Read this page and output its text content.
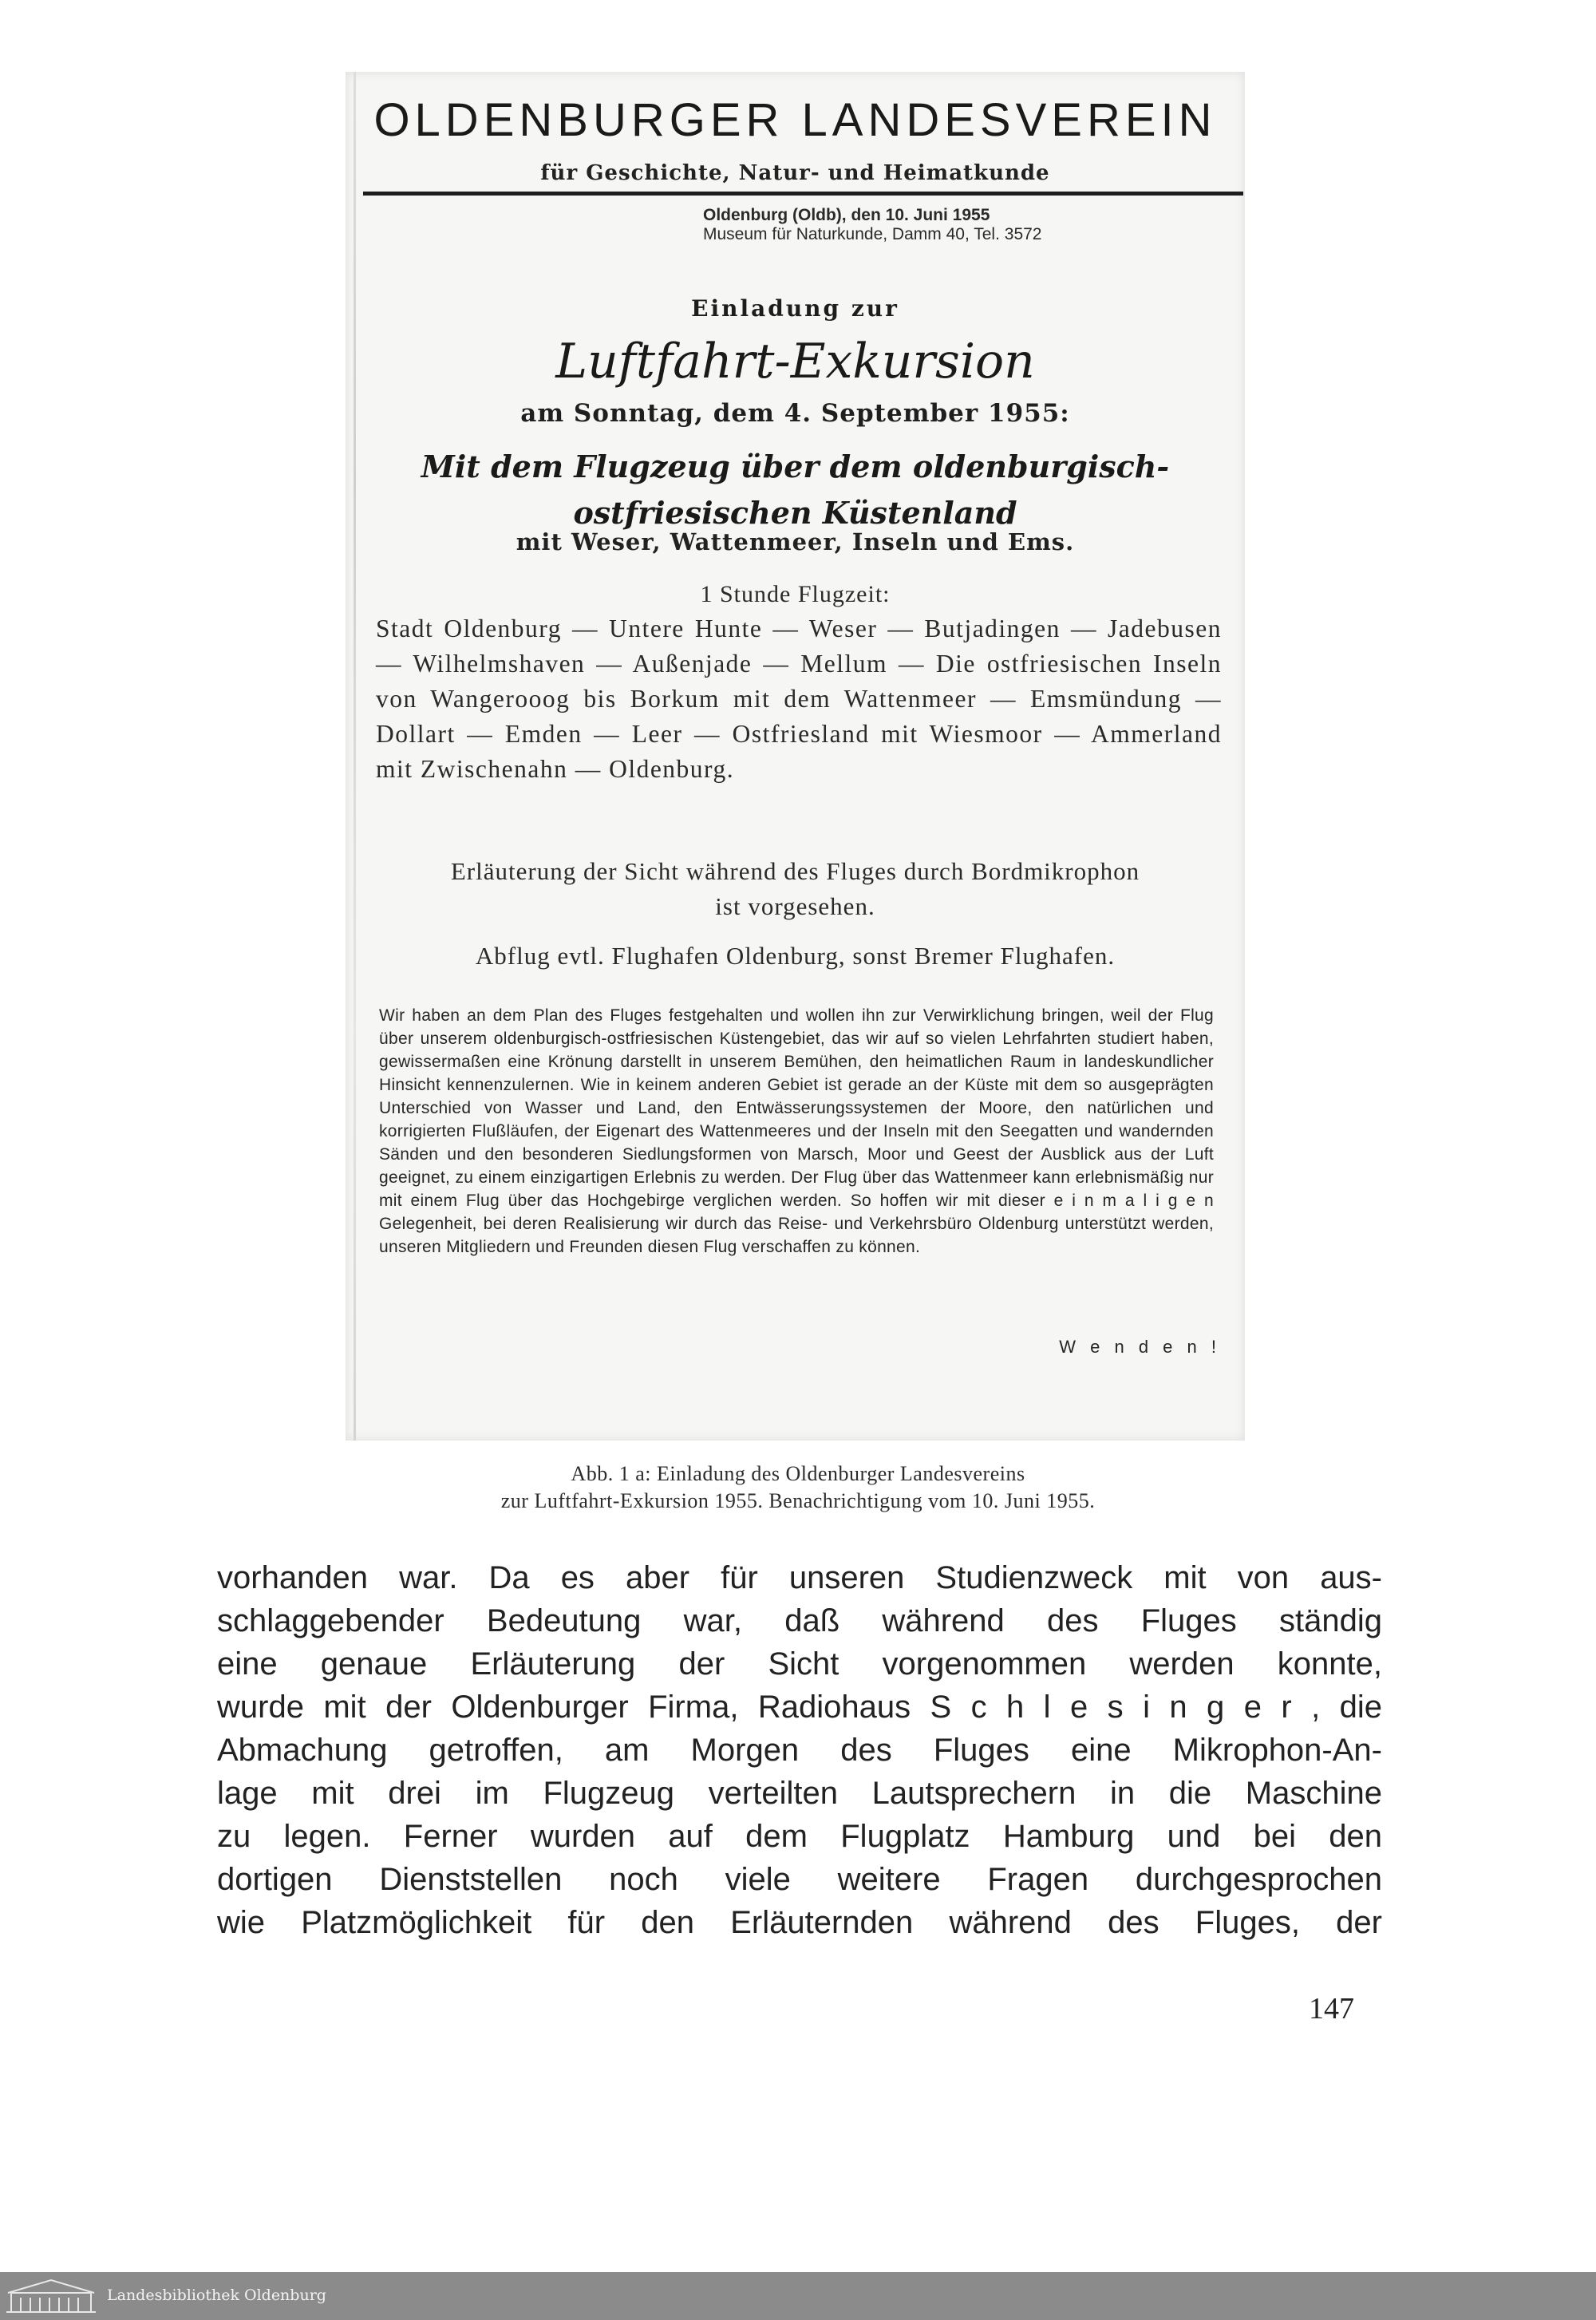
OLDENBURGER LANDESVEREIN
für Geschichte, Natur- und Heimatkunde
Oldenburg (Oldb), den 10. Juni 1955
Museum für Naturkunde, Damm 40, Tel. 3572
Einladung zur
Luftfahrt-Exkursion
am Sonntag, dem 4. September 1955:
Mit dem Flugzeug über dem oldenburgisch-
ostfriesischen Küstenland
mit Weser, Wattenmeer, Inseln und Ems.
1 Stunde Flugzeit:
Stadt Oldenburg — Untere Hunte — Weser — Butjadingen — Jadebusen — Wilhelmshaven — Außenjade — Mellum — Die ostfriesischen Inseln von Wangerooog bis Borkum mit dem Wattenmeer — Emsmündung — Dollart — Emden — Leer — Ostfriesland mit Wiesmoor — Ammerland mit Zwischenahn — Oldenburg.
Erläuterung der Sicht während des Fluges durch Bordmikrophon
ist vorgesehen.
Abflug evtl. Flughafen Oldenburg, sonst Bremer Flughafen.
Wir haben an dem Plan des Fluges festgehalten und wollen ihn zur Verwirklichung bringen, weil der Flug über unserem oldenburgisch-ostfriesischen Küstengebiet, das wir auf so vielen Lehrfahrten studiert haben, gewissermaßen eine Krönung darstellt in unserem Bemühen, den heimatlichen Raum in landeskundlicher Hinsicht kennenzulernen. Wie in keinem anderen Gebiet ist gerade an der Küste mit dem so ausgeprägten Unterschied von Wasser und Land, den Entwässerungssystemen der Moore, den natürlichen und korrigierten Flußläufen, der Eigenart des Wattenmeeres und der Inseln mit den Seegatten und wandernden Sänden und den besonderen Siedlungsformen von Marsch, Moor und Geest der Ausblick aus der Luft geeignet, zu einem einzigartigen Erlebnis zu werden. Der Flug über das Wattenmeer kann erlebnismäßig nur mit einem Flug über das Hochgebirge verglichen werden. So hoffen wir mit dieser e i n m a l i g e n Gelegenheit, bei deren Realisierung wir durch das Reise- und Verkehrsbüro Oldenburg unterstützt werden, unseren Mitgliedern und Freunden diesen Flug verschaffen zu können.
W e n d e n !
Abb. 1 a: Einladung des Oldenburger Landesvereins
zur Luftfahrt-Exkursion 1955. Benachrichtigung vom 10. Juni 1955.
vorhanden war. Da es aber für unseren Studienzweck mit von aus-
schlaggebender Bedeutung war, daß während des Fluges ständig
eine genaue Erläuterung der Sicht vorgenommen werden konnte,
wurde mit der Oldenburger Firma, Radiohaus S c h l e s i n g e r , die
Abmachung getroffen, am Morgen des Fluges eine Mikrophon-An-
lage mit drei im Flugzeug verteilten Lautsprechern in die Maschine
zu legen. Ferner wurden auf dem Flugplatz Hamburg und bei den
dortigen Dienststellen noch viele weitere Fragen durchgesprochen
wie Platzmöglichkeit für den Erläuternden während des Fluges, der
147
Landesbibliothek Oldenburg
